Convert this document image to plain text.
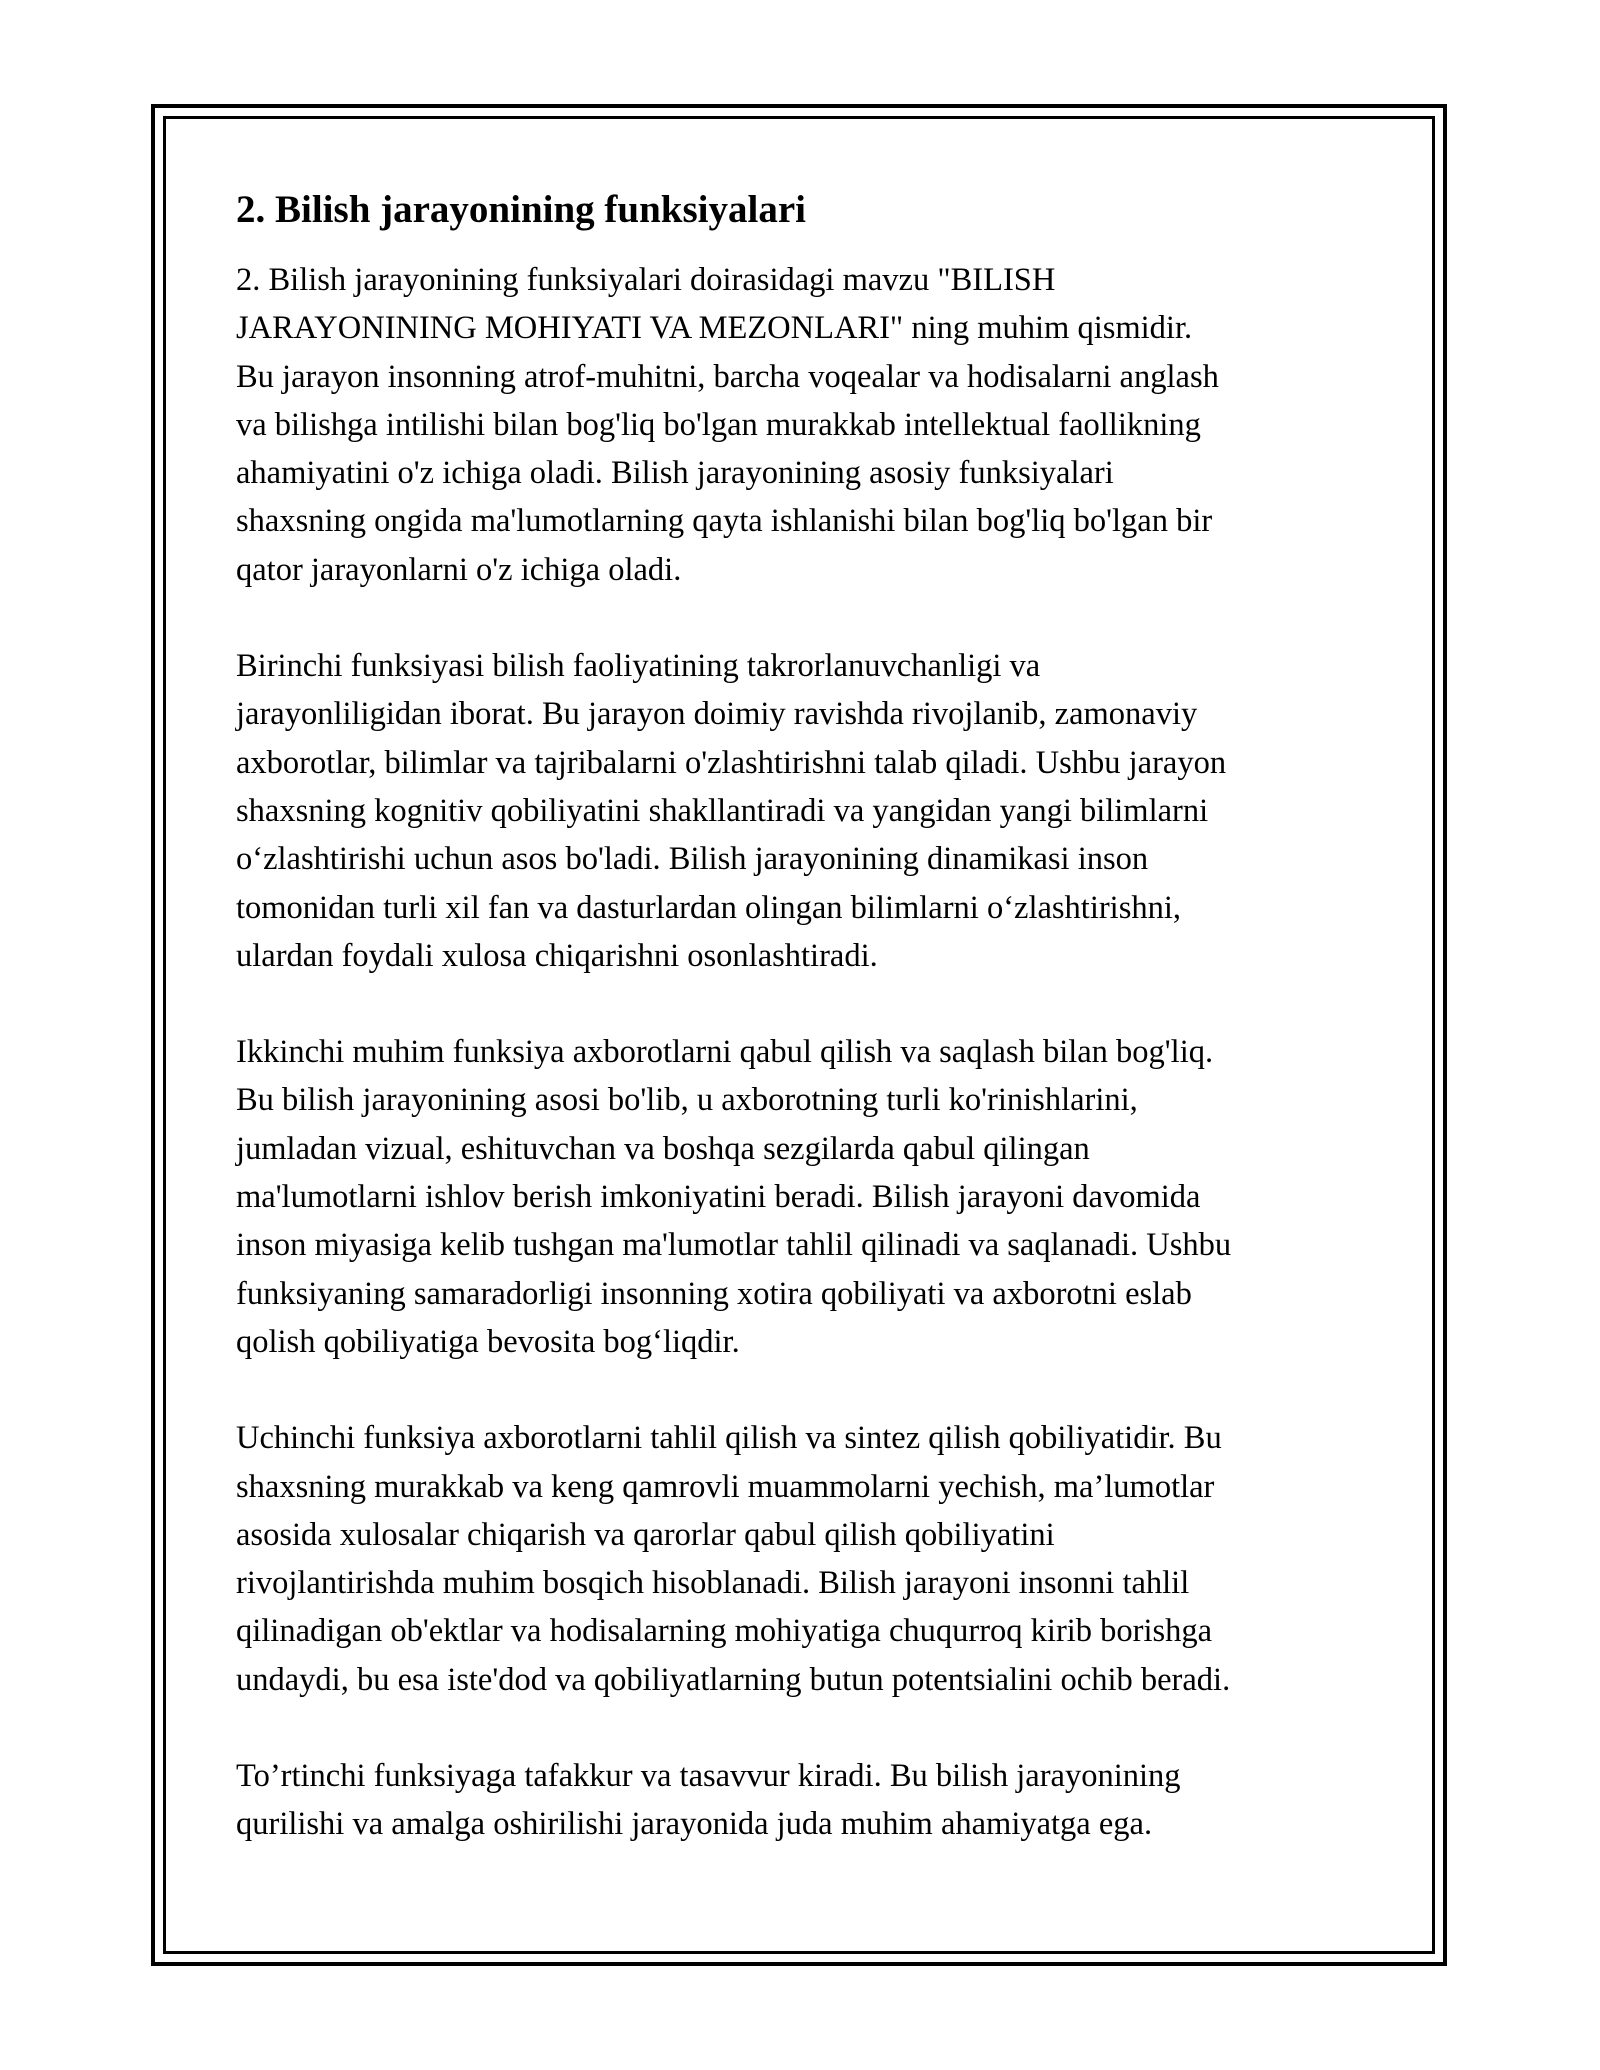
2. Bilish jarayonining funksiyalari

2. Bilish jarayonining funksiyalari doirasidagi mavzu "BILISH
JARAYONINING MOHIYATI VA MEZONLARI" ning muhim qismidir.
Bu jarayon insonning atrof-muhitni, barcha voqealar va hodisalarni anglash
va bilishga intilishi bilan bog'liq bo'lgan murakkab intellektual faollikning
ahamiyatini o'z ichiga oladi. Bilish jarayonining asosiy funksiyalari
shaxsning ongida ma'lumotlarning qayta ishlanishi bilan bog'liq bo'lgan bir
qator jarayonlarni o'z ichiga oladi.

Birinchi funksiyasi bilish faoliyatining takrorlanuvchanligi va
jarayonliligidan iborat. Bu jarayon doimiy ravishda rivojlanib, zamonaviy
axborotlar, bilimlar va tajribalarni o'zlashtirishni talab qiladi. Ushbu jarayon
shaxsning kognitiv qobiliyatini shakllantiradi va yangidan yangi bilimlarni
oʻzlashtirishi uchun asos bo'ladi. Bilish jarayonining dinamikasi inson
tomonidan turli xil fan va dasturlardan olingan bilimlarni oʻzlashtirishni,
ulardan foydali xulosa chiqarishni osonlashtiradi.

Ikkinchi muhim funksiya axborotlarni qabul qilish va saqlash bilan bog'liq.
Bu bilish jarayonining asosi bo'lib, u axborotning turli ko'rinishlarini,
jumladan vizual, eshituvchan va boshqa sezgilarda qabul qilingan
ma'lumotlarni ishlov berish imkoniyatini beradi. Bilish jarayoni davomida
inson miyasiga kelib tushgan ma'lumotlar tahlil qilinadi va saqlanadi. Ushbu
funksiyaning samaradorligi insonning xotira qobiliyati va axborotni eslab
qolish qobiliyatiga bevosita bogʻliqdir.

Uchinchi funksiya axborotlarni tahlil qilish va sintez qilish qobiliyatidir. Bu
shaxsning murakkab va keng qamrovli muammolarni yechish, ma’lumotlar
asosida xulosalar chiqarish va qarorlar qabul qilish qobiliyatini
rivojlantirishda muhim bosqich hisoblanadi. Bilish jarayoni insonni tahlil
qilinadigan ob'ektlar va hodisalarning mohiyatiga chuqurroq kirib borishga
undaydi, bu esa iste'dod va qobiliyatlarning butun potentsialini ochib beradi.

To’rtinchi funksiyaga tafakkur va tasavvur kiradi. Bu bilish jarayonining
qurilishi va amalga oshirilishi jarayonida juda muhim ahamiyatga ega.
